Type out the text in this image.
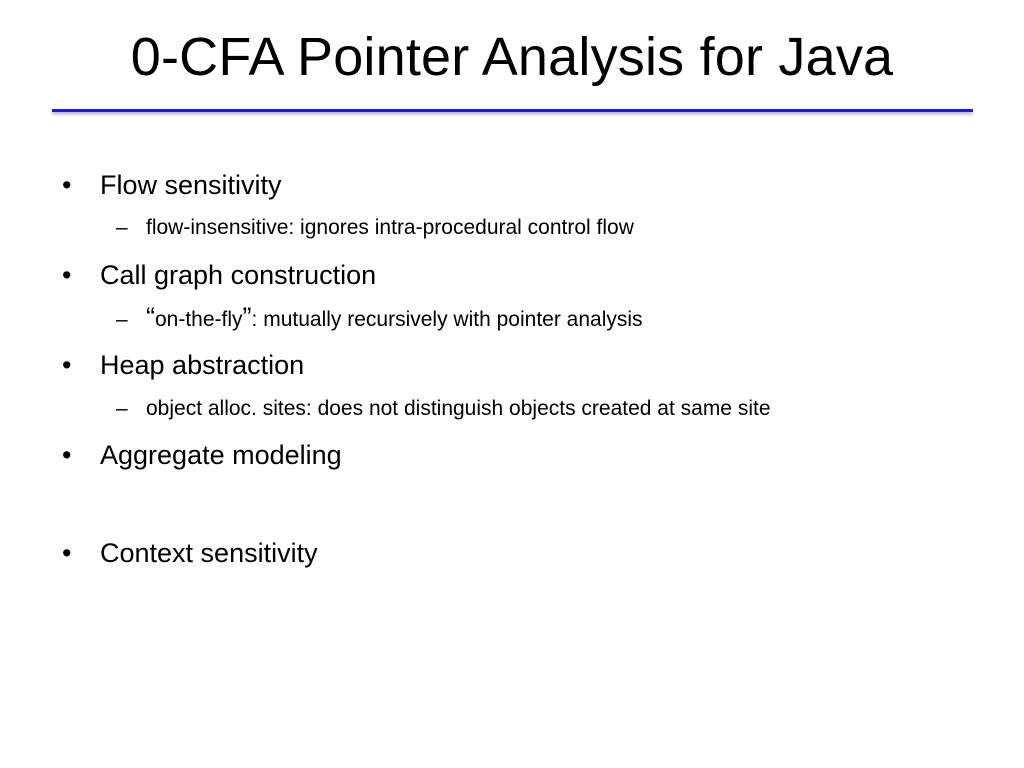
0-CFA Pointer Analysis for Java
• Flow sensitivity
– flow-insensitive: ignores intra-procedural control flow
• Call graph construction
– “on-the-fly”: mutually recursively with pointer analysis
• Heap abstraction
– object alloc. sites: does not distinguish objects created at same site
• Aggregate modeling
• Context sensitivity
